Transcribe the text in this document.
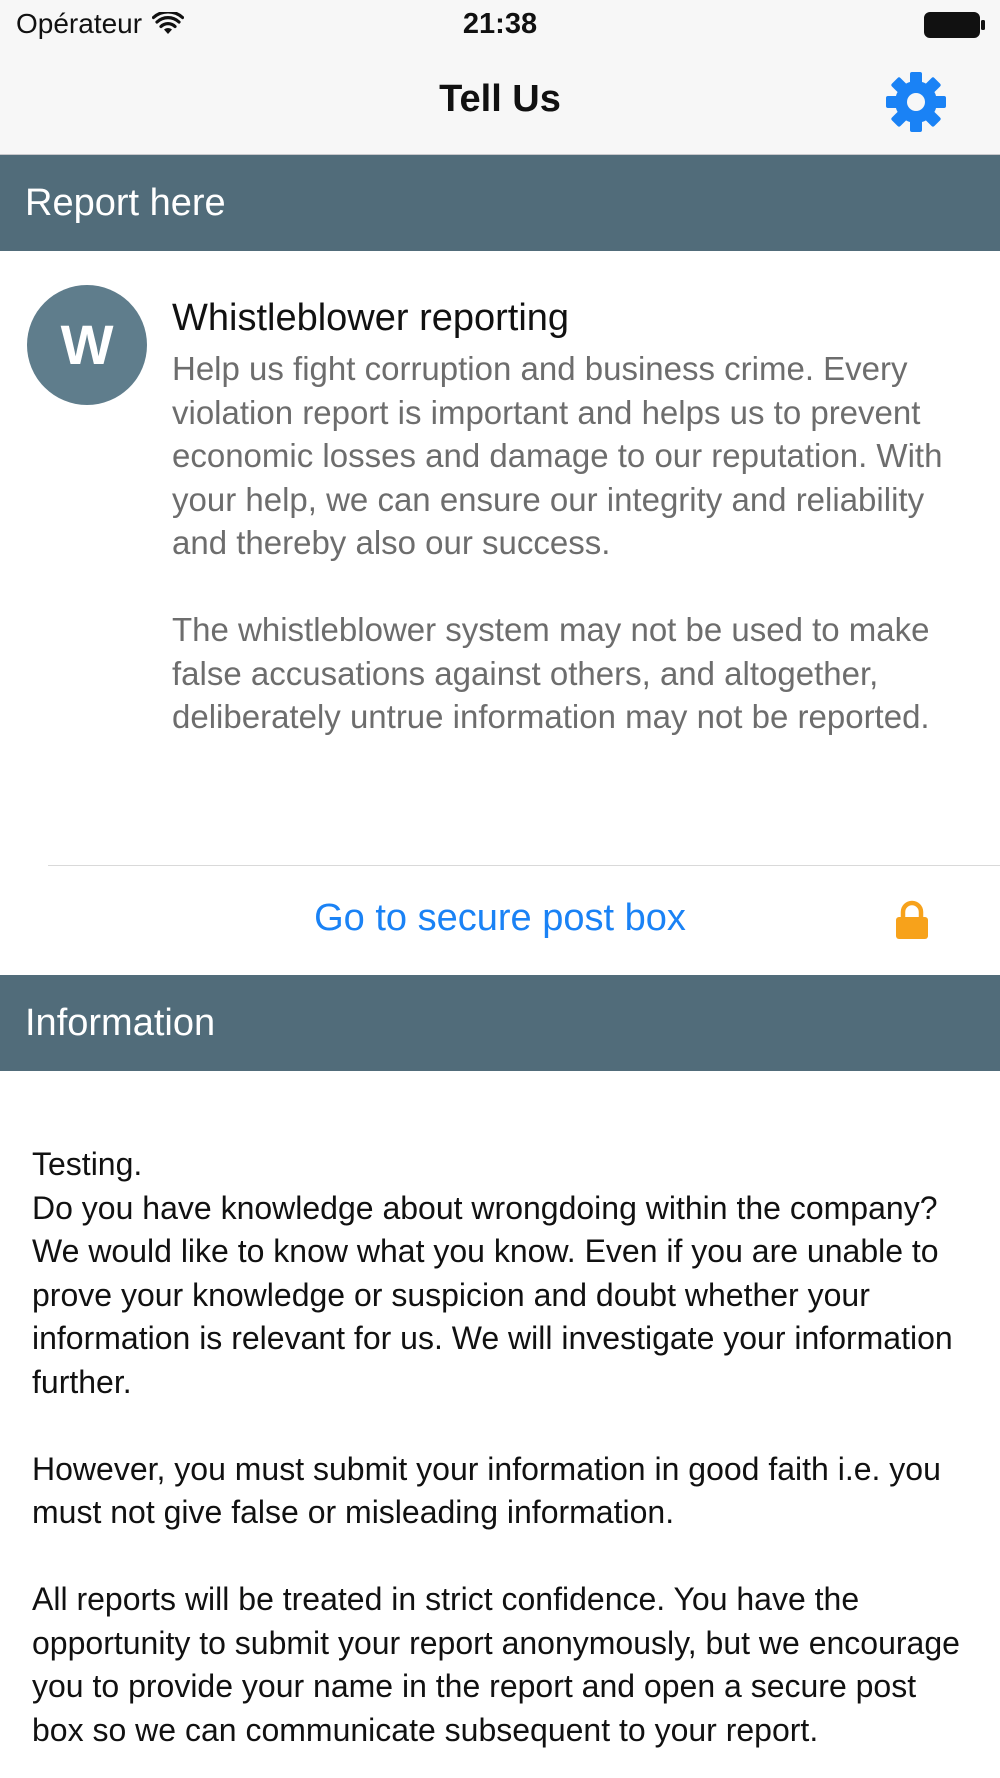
Opérateur	21:38
Tell Us
Report here
W	Whistleblower reporting
Help us fight corruption and business crime. Every violation report is important and helps us to prevent economic losses and damage to our reputation. With your help, we can ensure our integrity and reliability and thereby also our success.

The whistleblower system may not be used to make false accusations against others, and altogether, deliberately untrue information may not be reported.
Go to secure post box
Information
Testing.
Do you have knowledge about wrongdoing within the company? We would like to know what you know. Even if you are unable to prove your knowledge or suspicion and doubt whether your information is relevant for us. We will investigate your information further.

However, you must submit your information in good faith i.e. you must not give false or misleading information.

All reports will be treated in strict confidence. You have the opportunity to submit your report anonymously, but we encourage you to provide your name in the report and open a secure post box so we can communicate subsequent to your report.
